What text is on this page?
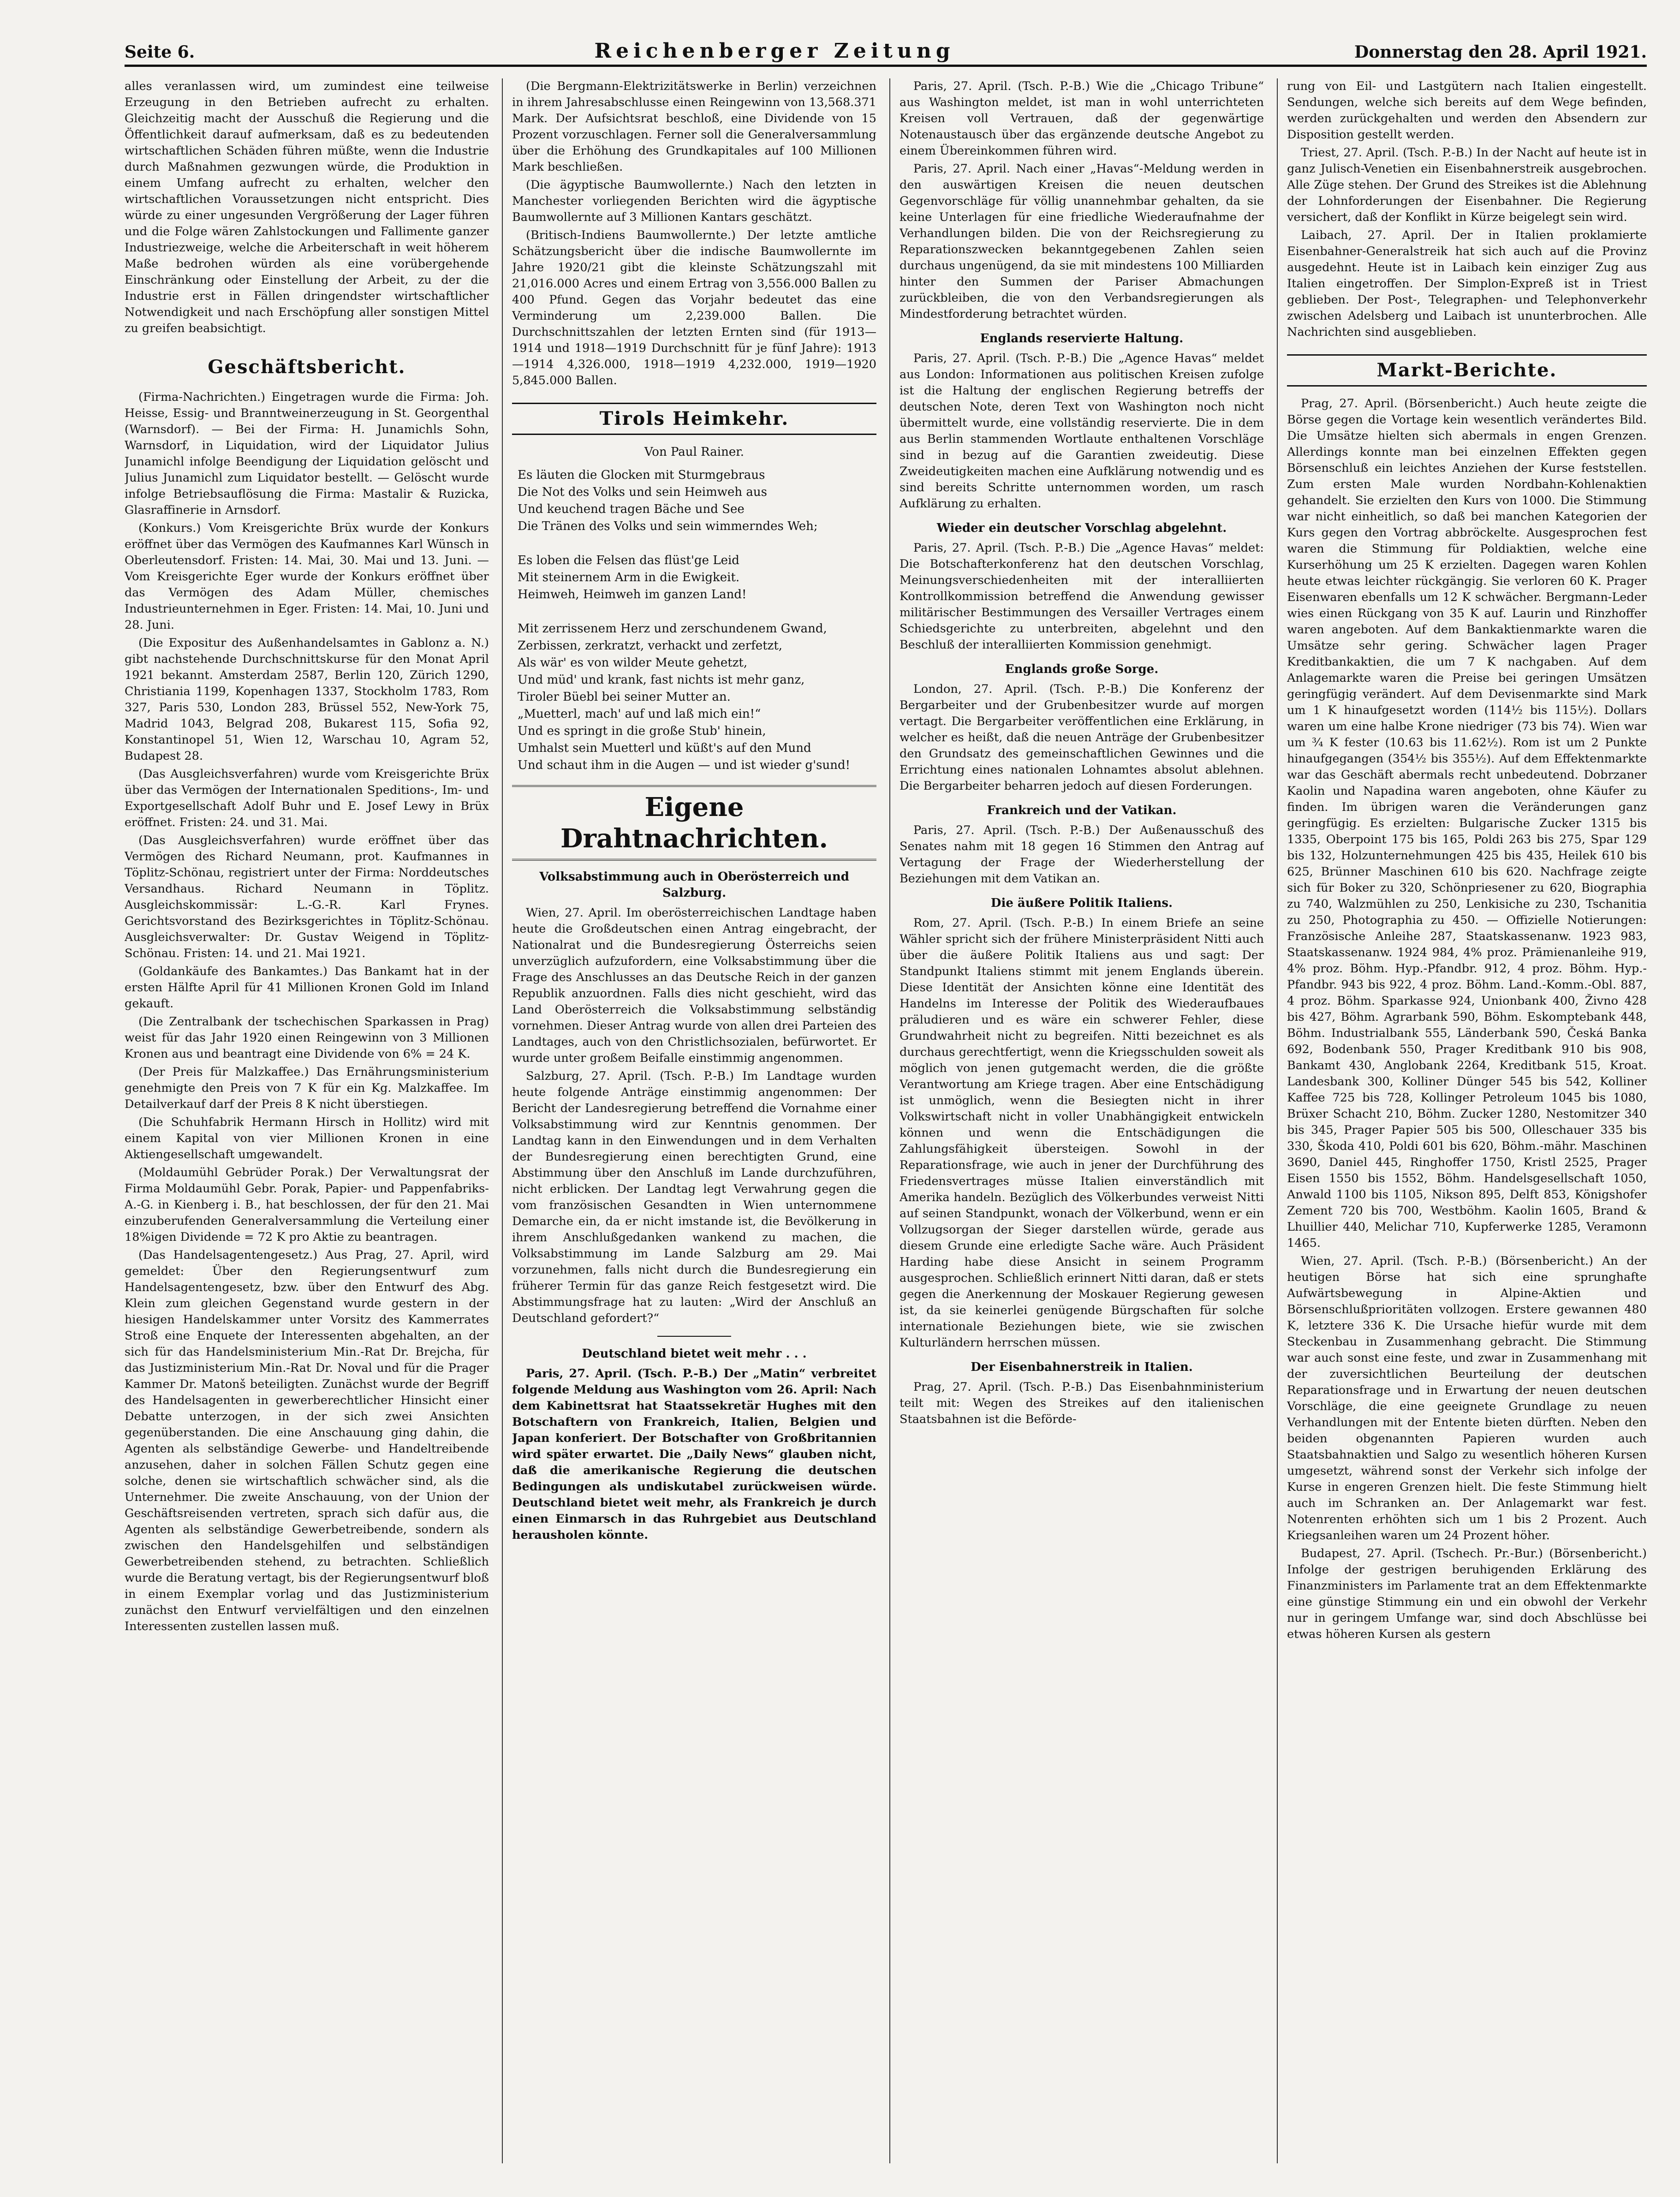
Seite 6.	Reichenberger Zeitung	Donnerstag den 28. April 1921.

alles veranlassen wird, um zumindest eine teilweise Erzeugung in den Betrieben aufrecht zu erhalten. Gleichzeitig macht der Ausschuß die Regierung und die Öffentlichkeit darauf aufmerksam, daß es zu bedeutenden wirtschaftlichen Schäden führen müßte, wenn die Industrie durch Maßnahmen gezwungen würde, die Produktion in einem Umfang aufrecht zu erhalten, welcher den wirtschaftlichen Voraussetzungen nicht entspricht. Dies würde zu einer ungesunden Vergrößerung der Lager führen und die Folge wären Zahlstockungen und Fallimente ganzer Industriezweige, welche die Arbeiterschaft in weit höherem Maße bedrohen würden als eine vorübergehende Einschränkung oder Einstellung der Arbeit, zu der die Industrie erst in Fällen dringendster wirtschaftlicher Notwendigkeit und nach Erschöpfung aller sonstigen Mittel zu greifen beabsichtigt.

Geschäftsbericht.

(Firma-Nachrichten.) Eingetragen wurde die Firma: Joh. Heisse, Essig- und Branntweinerzeugung in St. Georgenthal (Warnsdorf). — Bei der Firma: H. Junamichls Sohn, Warnsdorf, in Liquidation, wird der Liquidator Julius Junamichl infolge Beendigung der Liquidation gelöscht und Julius Junamichl zum Liquidator bestellt. — Gelöscht wurde infolge Betriebsauflösung die Firma: Mastalir & Ruzicka, Glasraffinerie in Arnsdorf.

(Konkurs.) Vom Kreisgerichte Brüx wurde der Konkurs eröffnet über das Vermögen des Kaufmannes Karl Wünsch in Oberleutensdorf. Fristen: 14. Mai, 30. Mai und 13. Juni. — Vom Kreisgerichte Eger wurde der Konkurs eröffnet über das Vermögen des Adam Müller, chemisches Industrieunternehmen in Eger. Fristen: 14. Mai, 10. Juni und 28. Juni.

(Die Expositur des Außenhandelsamtes in Gablonz a. N.) gibt nachstehende Durchschnittskurse für den Monat April 1921 bekannt. Amsterdam 2587, Berlin 120, Zürich 1290, Christiania 1199, Kopenhagen 1337, Stockholm 1783, Rom 327, Paris 530, London 283, Brüssel 552, New-York 75, Madrid 1043, Belgrad 208, Bukarest 115, Sofia 92, Konstantinopel 51, Wien 12, Warschau 10, Agram 52, Budapest 28.

(Das Ausgleichsverfahren) wurde vom Kreisgerichte Brüx über das Vermögen der Internationalen Speditions-, Im- und Exportgesellschaft Adolf Buhr und E. Josef Lewy in Brüx eröffnet. Fristen: 24. und 31. Mai.

(Das Ausgleichsverfahren) wurde eröffnet über das Vermögen des Richard Neumann, prot. Kaufmannes in Töplitz-Schönau, registriert unter der Firma: Norddeutsches Versandhaus. Richard Neumann in Töplitz. Ausgleichskommissär: L.-G.-R. Karl Frynes. Gerichtsvorstand des Bezirksgerichtes in Töplitz-Schönau. Ausgleichsverwalter: Dr. Gustav Weigend in Töplitz-Schönau. Fristen: 14. und 21. Mai 1921.

(Goldankäufe des Bankamtes.) Das Bankamt hat in der ersten Hälfte April für 41 Millionen Kronen Gold im Inland gekauft.

(Die Zentralbank der tschechischen Sparkassen in Prag) weist für das Jahr 1920 einen Reingewinn von 3 Millionen Kronen aus und beantragt eine Dividende von 6% = 24 K.

(Der Preis für Malzkaffee.) Das Ernährungsministerium genehmigte den Preis von 7 K für ein Kg. Malzkaffee. Im Detailverkauf darf der Preis 8 K nicht überstiegen.

(Die Schuhfabrik Hermann Hirsch in Hollitz) wird mit einem Kapital von vier Millionen Kronen in eine Aktiengesellschaft umgewandelt.

(Moldaumühl Gebrüder Porak.) Der Verwaltungsrat der Firma Moldaumühl Gebr. Porak, Papier- und Pappenfabriks-A.-G. in Kienberg i. B., hat beschlossen, der für den 21. Mai einzuberufenden Generalversammlung die Verteilung einer 18%igen Dividende = 72 K pro Aktie zu beantragen.

(Das Handelsagentengesetz.) Aus Prag, 27. April, wird gemeldet: Über den Regierungsentwurf zum Handelsagentengesetz, bzw. über den Entwurf des Abg. Klein zum gleichen Gegenstand wurde gestern in der hiesigen Handelskammer unter Vorsitz des Kammerrates Stroß eine Enquete der Interessenten abgehalten, an der sich für das Handelsministerium Min.-Rat Dr. Brejcha, für das Justizministerium Min.-Rat Dr. Noval und für die Prager Kammer Dr. Matonš beteiligten. Zunächst wurde der Begriff des Handelsagenten in gewerberechtlicher Hinsicht einer Debatte unterzogen, in der sich zwei Ansichten gegenüberstanden. Die eine Anschauung ging dahin, die Agenten als selbständige Gewerbe- und Handeltreibende anzusehen, daher in solchen Fällen Schutz gegen eine solche, denen sie wirtschaftlich schwächer sind, als die Unternehmer. Die zweite Anschauung, von der Union der Geschäftsreisenden vertreten, sprach sich dafür aus, die Agenten als selbständige Gewerbetreibende, sondern als zwischen den Handelsgehilfen und selbständigen Gewerbetreibenden stehend, zu betrachten. Schließlich wurde die Beratung vertagt, bis der Regierungsentwurf bloß in einem Exemplar vorlag und das Justizministerium zunächst den Entwurf vervielfältigen und den einzelnen Interessenten zustellen lassen muß.

(Die Bergmann-Elektrizitätswerke in Berlin) verzeichnen in ihrem Jahresabschlusse einen Reingewinn von 13,568.371 Mark. Der Aufsichtsrat beschloß, eine Dividende von 15 Prozent vorzuschlagen. Ferner soll die Generalversammlung über die Erhöhung des Grundkapitales auf 100 Millionen Mark beschließen.

(Die ägyptische Baumwollernte.) Nach den letzten in Manchester vorliegenden Berichten wird die ägyptische Baumwollernte auf 3 Millionen Kantars geschätzt.

(Britisch-Indiens Baumwollernte.) Der letzte amtliche Schätzungsbericht über die indische Baumwollernte im Jahre 1920/21 gibt die kleinste Schätzungszahl mit 21,016.000 Acres und einem Ertrag von 3,556.000 Ballen zu 400 Pfund. Gegen das Vorjahr bedeutet das eine Verminderung um 2,239.000 Ballen. Die Durchschnittszahlen der letzten Ernten sind (für 1913—1914 und 1918—1919 Durchschnitt für je fünf Jahre): 1913—1914 4,326.000, 1918—1919 4,232.000, 1919—1920 5,845.000 Ballen.

Tirols Heimkehr.
Von Paul Rainer.
Es läuten die Glocken mit Sturmgebraus
Die Not des Volks und sein Heimweh aus
Und keuchend tragen Bäche und See
Die Tränen des Volks und sein wimmerndes Weh;

Es loben die Felsen das flüst'ge Leid
Mit steinernem Arm in die Ewigkeit.
Heimweh, Heimweh im ganzen Land!

Mit zerrissenem Herz und zerschundenem Gwand,
Zerbissen, zerkratzt, verhackt und zerfetzt,
Als wär' es von wilder Meute gehetzt,
Und müd' und krank, fast nichts ist mehr ganz,
Tiroler Büebl bei seiner Mutter an.
„Muetterl, mach' auf und laß mich ein!“
Und es springt in die große Stub' hinein,
Umhalst sein Muetterl und küßt's auf den Mund
Und schaut ihm in die Augen — und ist wieder g'sund!
Eigene Drahtnachrichten.
Volksabstimmung auch in Oberösterreich und Salzburg.

Wien, 27. April. Im oberösterreichischen Landtage haben heute die Großdeutschen einen Antrag eingebracht, der Nationalrat und die Bundesregierung Österreichs seien unverzüglich aufzufordern, eine Volksabstimmung über die Frage des Anschlusses an das Deutsche Reich in der ganzen Republik anzuordnen. Falls dies nicht geschieht, wird das Land Oberösterreich die Volksabstimmung selbständig vornehmen. Dieser Antrag wurde von allen drei Parteien des Landtages, auch von den Christlichsozialen, befürwortet. Er wurde unter großem Beifalle einstimmig angenommen.

Salzburg, 27. April. (Tsch. P.-B.) Im Landtage wurden heute folgende Anträge einstimmig angenommen: Der Bericht der Landesregierung betreffend die Vornahme einer Volksabstimmung wird zur Kenntnis genommen. Der Landtag kann in den Einwendungen und in dem Verhalten der Bundesregierung einen berechtigten Grund, eine Abstimmung über den Anschluß im Lande durchzuführen, nicht erblicken. Der Landtag legt Verwahrung gegen die vom französischen Gesandten in Wien unternommene Demarche ein, da er nicht imstande ist, die Bevölkerung in ihrem Anschlußgedanken wankend zu machen, die Volksabstimmung im Lande Salzburg am 29. Mai vorzunehmen, falls nicht durch die Bundesregierung ein früherer Termin für das ganze Reich festgesetzt wird. Die Abstimmungsfrage hat zu lauten: „Wird der Anschluß an Deutschland gefordert?“

Deutschland bietet weit mehr . . .

Paris, 27. April. (Tsch. P.-B.) Der „Matin“ verbreitet folgende Meldung aus Washington vom 26. April: Nach dem Kabinettsrat hat Staatssekretär Hughes mit den Botschaftern von Frankreich, Italien, Belgien und Japan konferiert. Der Botschafter von Großbritannien wird später erwartet. Die „Daily News“ glauben nicht, daß die amerikanische Regierung die deutschen Bedingungen als undiskutabel zurückweisen würde. Deutschland bietet weit mehr, als Frankreich je durch einen Einmarsch in das Ruhrgebiet aus Deutschland herausholen könnte.

Paris, 27. April. (Tsch. P.-B.) Wie die „Chicago Tribune“ aus Washington meldet, ist man in wohl unterrichteten Kreisen voll Vertrauen, daß der gegenwärtige Notenaustausch über das ergänzende deutsche Angebot zu einem Übereinkommen führen wird.

Paris, 27. April. Nach einer „Havas“-Meldung werden in den auswärtigen Kreisen die neuen deutschen Gegenvorschläge für völlig unannehmbar gehalten, da sie keine Unterlagen für eine friedliche Wiederaufnahme der Verhandlungen bilden. Die von der Reichsregierung zu Reparationszwecken bekanntgegebenen Zahlen seien durchaus ungenügend, da sie mit mindestens 100 Milliarden hinter den Summen der Pariser Abmachungen zurückbleiben, die von den Verbandsregierungen als Mindestforderung betrachtet würden.

Englands reservierte Haltung.

Paris, 27. April. (Tsch. P.-B.) Die „Agence Havas“ meldet aus London: Informationen aus politischen Kreisen zufolge ist die Haltung der englischen Regierung betreffs der deutschen Note, deren Text von Washington noch nicht übermittelt wurde, eine vollständig reservierte. Die in dem aus Berlin stammenden Wortlaute enthaltenen Vorschläge sind in bezug auf die Garantien zweideutig. Diese Zweideutigkeiten machen eine Aufklärung notwendig und es sind bereits Schritte unternommen worden, um rasch Aufklärung zu erhalten.

Wieder ein deutscher Vorschlag abgelehnt.

Paris, 27. April. (Tsch. P.-B.) Die „Agence Havas“ meldet: Die Botschafterkonferenz hat den deutschen Vorschlag, Meinungsverschiedenheiten mit der interalliierten Kontrollkommission betreffend die Anwendung gewisser militärischer Bestimmungen des Versailler Vertrages einem Schiedsgerichte zu unterbreiten, abgelehnt und den Beschluß der interalliierten Kommission genehmigt.

Englands große Sorge.

London, 27. April. (Tsch. P.-B.) Die Konferenz der Bergarbeiter und der Grubenbesitzer wurde auf morgen vertagt. Die Bergarbeiter veröffentlichen eine Erklärung, in welcher es heißt, daß die neuen Anträge der Grubenbesitzer den Grundsatz des gemeinschaftlichen Gewinnes und die Errichtung eines nationalen Lohnamtes absolut ablehnen. Die Bergarbeiter beharren jedoch auf diesen Forderungen.

Frankreich und der Vatikan.

Paris, 27. April. (Tsch. P.-B.) Der Außenausschuß des Senates nahm mit 18 gegen 16 Stimmen den Antrag auf Vertagung der Frage der Wiederherstellung der Beziehungen mit dem Vatikan an.

Die äußere Politik Italiens.

Rom, 27. April. (Tsch. P.-B.) In einem Briefe an seine Wähler spricht sich der frühere Ministerpräsident Nitti auch über die äußere Politik Italiens aus und sagt: Der Standpunkt Italiens stimmt mit jenem Englands überein. Diese Identität der Ansichten könne eine Identität des Handelns im Interesse der Politik des Wiederaufbaues präludieren und es wäre ein schwerer Fehler, diese Grundwahrheit nicht zu begreifen. Nitti bezeichnet es als durchaus gerechtfertigt, wenn die Kriegsschulden soweit als möglich von jenen gutgemacht werden, die die größte Verantwortung am Kriege tragen. Aber eine Entschädigung ist unmöglich, wenn die Besiegten nicht in ihrer Volkswirtschaft nicht in voller Unabhängigkeit entwickeln können und wenn die Entschädigungen die Zahlungsfähigkeit übersteigen. Sowohl in der Reparationsfrage, wie auch in jener der Durchführung des Friedensvertrages müsse Italien einverständlich mit Amerika handeln. Bezüglich des Völkerbundes verweist Nitti auf seinen Standpunkt, wonach der Völkerbund, wenn er ein Vollzugsorgan der Sieger darstellen würde, gerade aus diesem Grunde eine erledigte Sache wäre. Auch Präsident Harding habe diese Ansicht in seinem Programm ausgesprochen. Schließlich erinnert Nitti daran, daß er stets gegen die Anerkennung der Moskauer Regierung gewesen ist, da sie keinerlei genügende Bürgschaften für solche internationale Beziehungen biete, wie sie zwischen Kulturländern herrschen müssen.

Der Eisenbahnerstreik in Italien.

Prag, 27. April. (Tsch. P.-B.) Das Eisenbahnministerium teilt mit: Wegen des Streikes auf den italienischen Staatsbahnen ist die Beförde-

rung von Eil- und Lastgütern nach Italien eingestellt. Sendungen, welche sich bereits auf dem Wege befinden, werden zurückgehalten und werden den Absendern zur Disposition gestellt werden.

Triest, 27. April. (Tsch. P.-B.) In der Nacht auf heute ist in ganz Julisch-Venetien ein Eisenbahnerstreik ausgebrochen. Alle Züge stehen. Der Grund des Streikes ist die Ablehnung der Lohnforderungen der Eisenbahner. Die Regierung versichert, daß der Konflikt in Kürze beigelegt sein wird.

Laibach, 27. April. Der in Italien proklamierte Eisenbahner-Generalstreik hat sich auch auf die Provinz ausgedehnt. Heute ist in Laibach kein einziger Zug aus Italien eingetroffen. Der Simplon-Expreß ist in Triest geblieben. Der Post-, Telegraphen- und Telephonverkehr zwischen Adelsberg und Laibach ist ununterbrochen. Alle Nachrichten sind ausgeblieben.

Markt-Berichte.

Prag, 27. April. (Börsenbericht.) Auch heute zeigte die Börse gegen die Vortage kein wesentlich verändertes Bild. Die Umsätze hielten sich abermals in engen Grenzen. Allerdings konnte man bei einzelnen Effekten gegen Börsenschluß ein leichtes Anziehen der Kurse feststellen. Zum ersten Male wurden Nordbahn-Kohlenaktien gehandelt. Sie erzielten den Kurs von 1000. Die Stimmung war nicht einheitlich, so daß bei manchen Kategorien der Kurs gegen den Vortrag abbröckelte. Ausgesprochen fest waren die Stimmung für Poldiaktien, welche eine Kurserhöhung um 25 K erzielten. Dagegen waren Kohlen heute etwas leichter rückgängig. Sie verloren 60 K. Prager Eisenwaren ebenfalls um 12 K schwächer. Bergmann-Leder wies einen Rückgang von 35 K auf. Laurin und Rinzhoffer waren angeboten. Auf dem Bankaktienmarkte waren die Umsätze sehr gering. Schwächer lagen Prager Kreditbankaktien, die um 7 K nachgaben. Auf dem Anlagemarkte waren die Preise bei geringen Umsätzen geringfügig verändert. Auf dem Devisenmarkte sind Mark um 1 K hinaufgesetzt worden (114½ bis 115½). Dollars waren um eine halbe Krone niedriger (73 bis 74). Wien war um ¾ K fester (10.63 bis 11.62½). Rom ist um 2 Punkte hinaufgegangen (354½ bis 355½). Auf dem Effektenmarkte war das Geschäft abermals recht unbedeutend. Dobrzaner Kaolin und Napadina waren angeboten, ohne Käufer zu finden. Im übrigen waren die Veränderungen ganz geringfügig. Es erzielten: Bulgarische Zucker 1315 bis 1335, Oberpoint 175 bis 165, Poldi 263 bis 275, Spar 129 bis 132, Holzunternehmungen 425 bis 435, Heilek 610 bis 625, Brünner Maschinen 610 bis 620. Nachfrage zeigte sich für Boker zu 320, Schönpriesener zu 620, Biographia zu 740, Walzmühlen zu 250, Lenkisiche zu 230, Tschanitia zu 250, Photographia zu 450. — Offizielle Notierungen: Französische Anleihe 287, Staatskassenanw. 1923 983, Staatskassenanw. 1924 984, 4% proz. Prämienanleihe 919, 4% proz. Böhm. Hyp.-Pfandbr. 912, 4 proz. Böhm. Hyp.-Pfandbr. 943 bis 922, 4 proz. Böhm. Land.-Komm.-Obl. 887, 4 proz. Böhm. Sparkasse 924, Unionbank 400, Živno 428 bis 427, Böhm. Agrarbank 590, Böhm. Eskomptebank 448, Böhm. Industrialbank 555, Länderbank 590, Česká Banka 692, Bodenbank 550, Prager Kreditbank 910 bis 908, Bankamt 430, Anglobank 2264, Kreditbank 515, Kroat. Landesbank 300, Kolliner Dünger 545 bis 542, Kolliner Kaffee 725 bis 728, Kollinger Petroleum 1045 bis 1080, Brüxer Schacht 210, Böhm. Zucker 1280, Nestomitzer 340 bis 345, Prager Papier 505 bis 500, Olleschauer 335 bis 330, Škoda 410, Poldi 601 bis 620, Böhm.-mähr. Maschinen 3690, Daniel 445, Ringhoffer 1750, Kristl 2525, Prager Eisen 1550 bis 1552, Böhm. Handelsgesellschaft 1050, Anwald 1100 bis 1105, Nikson 895, Delft 853, Königshofer Zement 720 bis 700, Westböhm. Kaolin 1605, Brand & Lhuillier 440, Melichar 710, Kupferwerke 1285, Veramonn 1465.

Wien, 27. April. (Tsch. P.-B.) (Börsenbericht.) An der heutigen Börse hat sich eine sprunghafte Aufwärtsbewegung in Alpine-Aktien und Börsenschlußprioritäten vollzogen. Erstere gewannen 480 K, letztere 336 K. Die Ursache hiefür wurde mit dem Steckenbau in Zusammenhang gebracht. Die Stimmung war auch sonst eine feste, und zwar in Zusammenhang mit der zuversichtlichen Beurteilung der deutschen Reparationsfrage und in Erwartung der neuen deutschen Vorschläge, die eine geeignete Grundlage zu neuen Verhandlungen mit der Entente bieten dürften. Neben den beiden obgenannten Papieren wurden auch Staatsbahnaktien und Salgo zu wesentlich höheren Kursen umgesetzt, während sonst der Verkehr sich infolge der Kurse in engeren Grenzen hielt. Die feste Stimmung hielt auch im Schranken an. Der Anlagemarkt war fest. Notenrenten erhöhten sich um 1 bis 2 Prozent. Auch Kriegsanleihen waren um 24 Prozent höher.

Budapest, 27. April. (Tschech. Pr.-Bur.) (Börsenbericht.) Infolge der gestrigen beruhigenden Erklärung des Finanzministers im Parlamente trat an dem Effektenmarkte eine günstige Stimmung ein und ein obwohl der Verkehr nur in geringem Umfange war, sind doch Abschlüsse bei etwas höheren Kursen als gestern
